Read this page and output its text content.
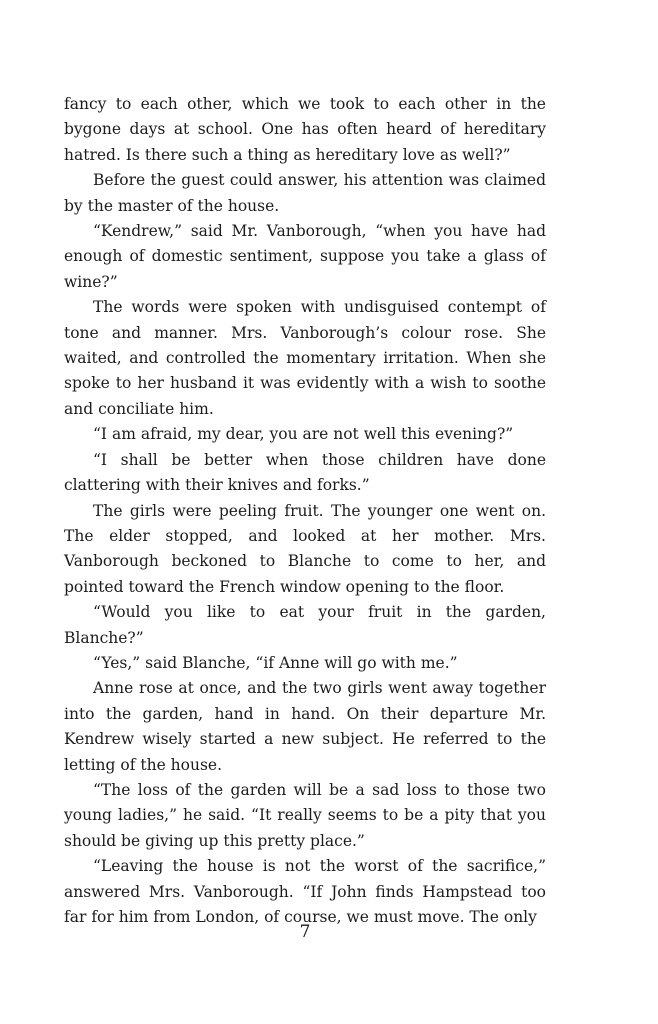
fancy to each other, which we took to each other in the bygone days at school. One has often heard of hereditary hatred. Is there such a thing as hereditary love as well?”

Before the guest could answer, his attention was claimed by the master of the house.

“Kendrew,” said Mr. Vanborough, “when you have had enough of domestic sentiment, suppose you take a glass of wine?”

The words were spoken with undisguised contempt of tone and manner. Mrs. Vanborough’s colour rose. She waited, and controlled the momentary irritation. When she spoke to her husband it was evidently with a wish to soothe and conciliate him.

“I am afraid, my dear, you are not well this evening?”

“I shall be better when those children have done clattering with their knives and forks.”

The girls were peeling fruit. The younger one went on. The elder stopped, and looked at her mother. Mrs. Vanborough beckoned to Blanche to come to her, and pointed toward the French window opening to the floor.

“Would you like to eat your fruit in the garden, Blanche?”

“Yes,” said Blanche, “if Anne will go with me.”

Anne rose at once, and the two girls went away together into the garden, hand in hand. On their departure Mr. Kendrew wisely started a new subject. He referred to the letting of the house.

“The loss of the garden will be a sad loss to those two young ladies,” he said. “It really seems to be a pity that you should be giving up this pretty place.”

“Leaving the house is not the worst of the sacrifice,” answered Mrs. Vanborough. “If John finds Hampstead too far for him from London, of course, we must move. The only

7
